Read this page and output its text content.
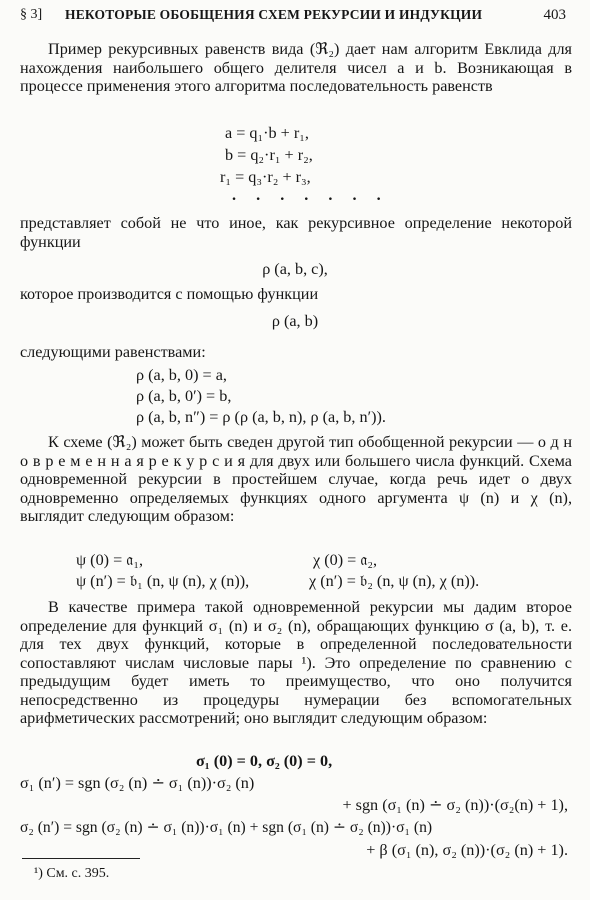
§ 3] НЕКОТОРЫЕ ОБОБЩЕНИЯ СХЕМ РЕКУРСИИ И ИНДУКЦИИ	403

Пример рекурсивных равенств вида (ℜ₂) дает нам алгоритм Евклида для нахождения наибольшего общего делителя чисел a и b. Возникающая в процессе применения этого алгоритма последовательность равенств

a = q₁·b + r₁,
b = q₂·r₁ + r₂,
r₁ = q₃·r₂ + r₃,
. . . . . . .

представляет собой не что иное, как рекурсивное определение некоторой функции

ρ (a, b, c),

которое производится с помощью функции

ρ (a, b)

следующими равенствами:

ρ (a, b, 0) = a,
ρ (a, b, 0′) = b,
ρ (a, b, n″) = ρ (ρ (a, b, n), ρ (a, b, n′)).

К схеме (ℜ₂) может быть сведен другой тип обобщенной рекурсии — о д н о в р е м е н н а я р е к у р с и я для двух или большего числа функций. Схема одновременной рекурсии в простейшем случае, когда речь идет о двух одновременно определяемых функциях одного аргумента ψ (n) и χ (n), выглядит следующим образом:

ψ (0) = 𝔞₁,	χ (0) = 𝔞₂,
ψ (n′) = 𝔟₁ (n, ψ (n), χ (n)),	χ (n′) = 𝔟₂ (n, ψ (n), χ (n)).

В качестве примера такой одновременной рекурсии мы дадим второе определение для функций σ₁ (n) и σ₂ (n), обращающих функцию σ (a, b), т. е. для тех двух функций, которые в определенной последовательности сопоставляют числам числовые пары ¹). Это определение по сравнению с предыдущим будет иметь то преимущество, что оно получится непосредственно из процедуры нумерации без вспомогательных арифметических рассмотрений; оно выглядит следующим образом:

σ₁ (0) = 0, σ₂ (0) = 0,
σ₁ (n′) = sgn (σ₂ (n) ∸ σ₁ (n))·σ₂ (n)
+ sgn (σ₁ (n) ∸ σ₂ (n))·(σ₂(n) + 1),
σ₂ (n′) = sgn (σ₂ (n) ∸ σ₁ (n))·σ₁ (n) + sgn (σ₁ (n) ∸ σ₂ (n))·σ₁ (n)
+ β (σ₁ (n), σ₂ (n))·(σ₂ (n) + 1).
¹) См. с. 395.
